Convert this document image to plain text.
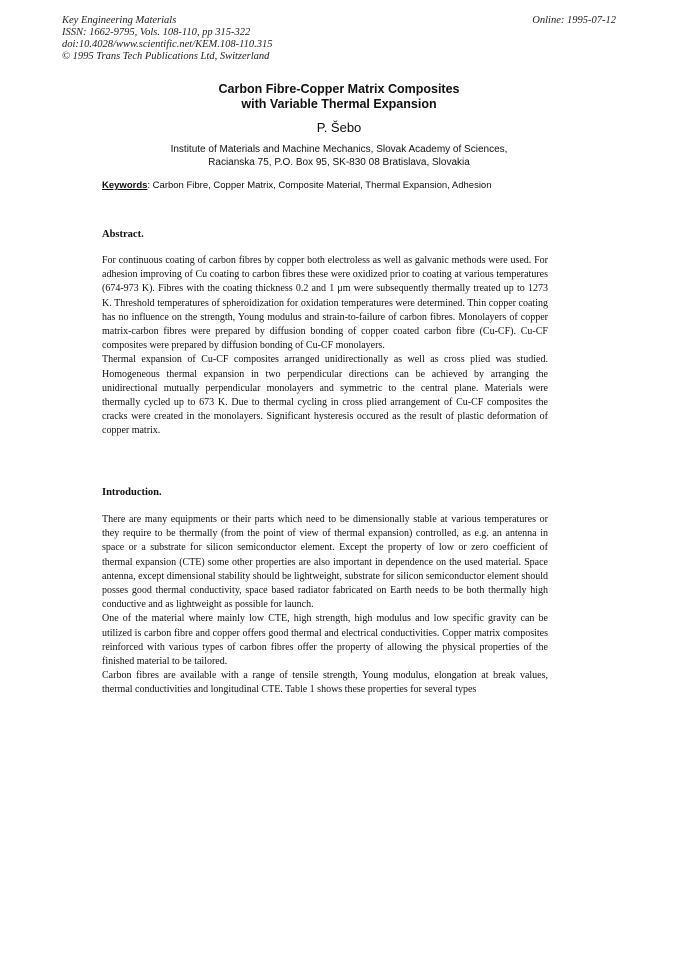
Key Engineering Materials
ISSN: 1662-9795, Vols. 108-110, pp 315-322
doi:10.4028/www.scientific.net/KEM.108-110.315
© 1995 Trans Tech Publications Ltd, Switzerland
Online: 1995-07-12
Carbon Fibre-Copper Matrix Composites
with Variable Thermal Expansion
P. Šebo
Institute of Materials and Machine Mechanics, Slovak Academy of Sciences,
Racianska 75, P.O. Box 95, SK-830 08 Bratislava, Slovakia
Keywords: Carbon Fibre, Copper Matrix, Composite Material, Thermal Expansion, Adhesion
Abstract.

For continuous coating of carbon fibres by copper both electroless as well as galvanic methods were used. For adhesion improving of Cu coating to carbon fibres these were oxidized prior to coating at various temperatures (674-973 K). Fibres with the coating thickness 0.2 and 1 μm were subsequently thermally treated up to 1273 K. Threshold temperatures of spheroidization for oxidation temperatures were determined. Thin copper coating has no influence on the strength, Young modulus and strain-to-failure of carbon fibres. Monolayers of copper matrix-carbon fibres were prepared by diffusion bonding of copper coated carbon fibre (Cu-CF). Cu-CF composites were prepared by diffusion bonding of Cu-CF monolayers.

Thermal expansion of Cu-CF composites arranged unidirectionally as well as cross plied was studied. Homogeneous thermal expansion in two perpendicular directions can be achieved by arranging the unidirectional mutually perpendicular monolayers and symmetric to the central plane. Materials were thermally cycled up to 673 K. Due to thermal cycling in cross plied arrangement of Cu-CF composites the cracks were created in the monolayers. Significant hysteresis occured as the result of plastic deformation of copper matrix.

Introduction.

There are many equipments or their parts which need to be dimensionally stable at various temperatures or they require to be thermally (from the point of view of thermal expansion) controlled, as e.g. an antenna in space or a substrate for silicon semiconductor element. Except the property of low or zero coefficient of thermal expansion (CTE) some other properties are also important in dependence on the used material. Space antenna, except dimensional stability should be lightweight, substrate for silicon semiconductor element should posses good thermal conductivity, space based radiator fabricated on Earth needs to be both thermally high conductive and as lightweight as possible for launch.

One of the material where mainly low CTE, high strength, high modulus and low specific gravity can be utilized is carbon fibre and copper offers good thermal and electrical conductivities. Copper matrix composites reinforced with various types of carbon fibres offer the property of allowing the physical properties of the finished material to be tailored.

Carbon fibres are available with a range of tensile strength, Young modulus, elongation at break values, thermal conductivities and longitudinal CTE. Table 1 shows these properties for several types
